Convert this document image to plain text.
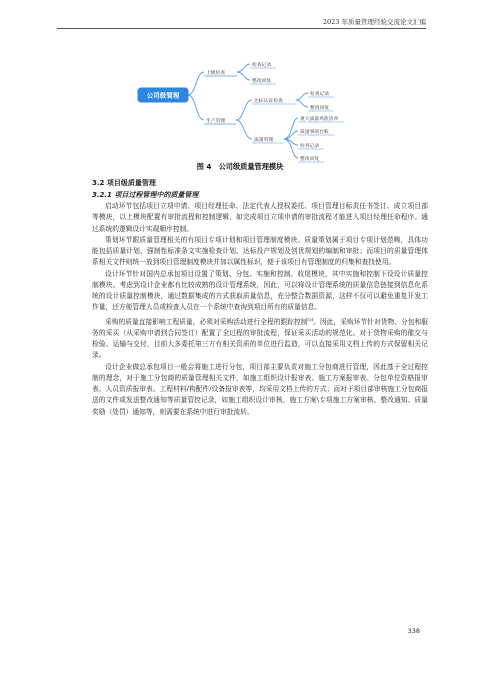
2023 年质量管理经验交流论文汇编
公司级管理
上级检查
检查记录
整改回复
生产管理
达标认证检查
检查记录
整改回复
质量管理
重大质量风险清单
质量事故台账
检查记录
整改回复
图 4　公司级质量管理模块
3.2 项目级质量管理
3.2.1 项目过程管理中的质量管理

启动环节包括项目立项申请、项目经理任命、法定代表人授权委托、项目管理目标责任书签订、成立项目部等模块，以上模块配置有审批流程和控制逻辑，如完成项目立项申请的审批流程才能进入项目经理任命程序。通过系统的逻辑设计实现顺序控制。

策划环节跟质量管理相关的有项目专项计划和项目管理制度模块。质量策划属于项目专项计划范畴，具体功能包括质量计划、强制性标准条文实施检查计划、达标投产规划及创优规划的编制和审批；而项目的质量管理体系相关文件则统一放到项目管理制度模块并加以属性标识，便于该项目有管理制度的归集和查找使用。

设计环节针对国内总承包项目设置了策划、分包、实施和控制、收尾模块，其中实施和控制下设设计质量控制模块。考虑到设计企业都有比较成熟的设计管理系统，因此，可以将设计管理系统的质量信息链接到信息化系统的设计质量控制模块，通过数据集成的方式获取质量信息，充分整合数据资源，这样不仅可以避免重复开发工作量，还方便管理人员或检查人员在一个系统中查询到项目所有的质量信息。

采购的质量直接影响工程质量，必须对采购活动进行全程的跟踪控制[3]。因此，采购环节针对货物、分包和服务的采买（从采购申请到合同签订）配置了全过程的审批流程，保证采买活动的规范化。对于货物采购的催交与检验、运输与交付，目前大多委托第三方有相关资质的单位进行监造，可以直接采用文档上传的方式保留相关记录。

设计企业做总承包项目一般会将施工进行分包，项目部主要负责对施工分包商进行管理，因此基于全过程控制的理念，对于施工分包商的质量管理相关文件，如施工组织设计报审表、施工方案报审表、分包单位资格报审表、人员资质报审表、工程材料/构配件/设备报审表等，均采用文档上传的方式；而对于项目部审核施工分包商报送的文件或发送整改通知等质量管控记录，如施工组织设计审核、施工方案\专项施工方案审核、整改通知、质量奖励（处罚）通知等，则需要在系统中进行审批流转。

338
